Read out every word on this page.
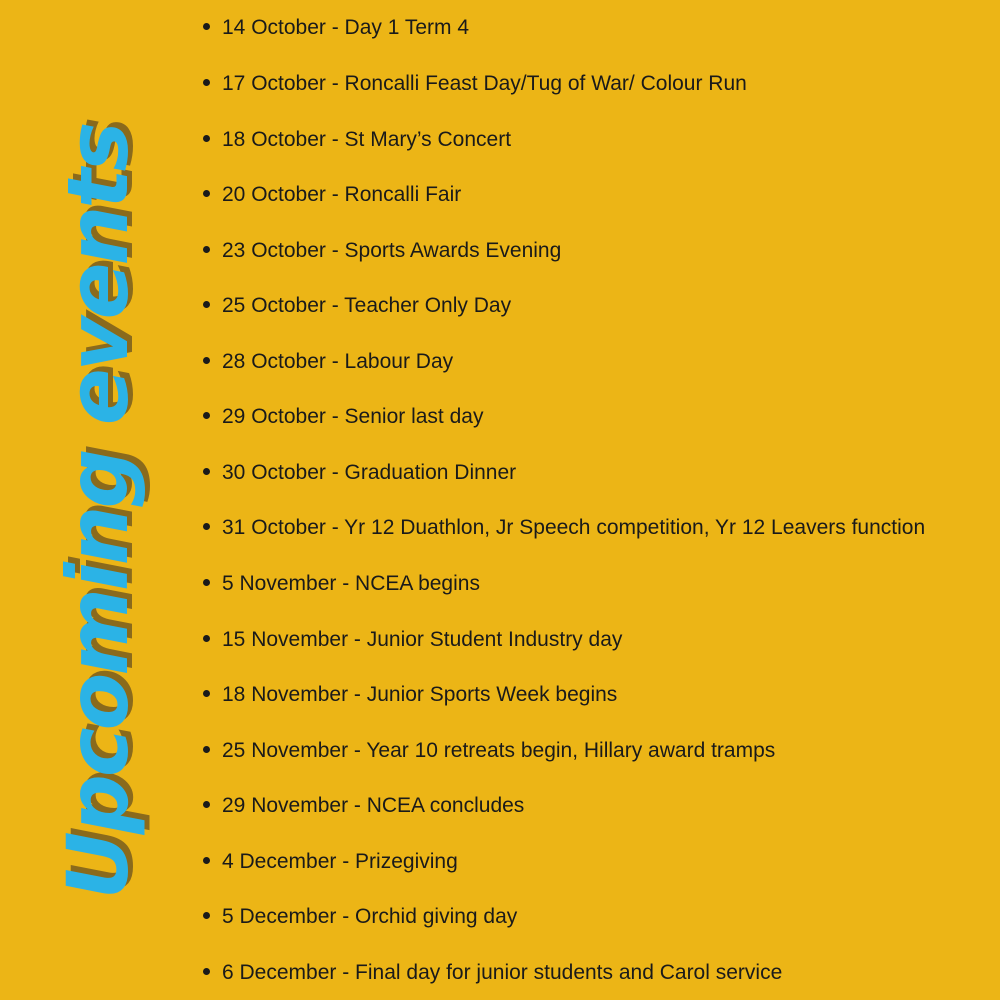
Upcoming events
14 October - Day 1 Term 4
17 October - Roncalli Feast Day/Tug of War/ Colour Run
18 October - St Mary’s Concert
20 October - Roncalli Fair
23 October - Sports Awards Evening
25 October - Teacher Only Day
28 October - Labour Day
29 October - Senior last day
30 October - Graduation Dinner
31 October - Yr 12 Duathlon, Jr Speech competition, Yr 12 Leavers function
5 November - NCEA begins
15 November - Junior Student Industry day
18 November - Junior Sports Week begins
25 November - Year 10 retreats begin, Hillary award tramps
29 November - NCEA concludes
4 December - Prizegiving
5 December - Orchid giving day
6 December - Final day for junior students and Carol service
